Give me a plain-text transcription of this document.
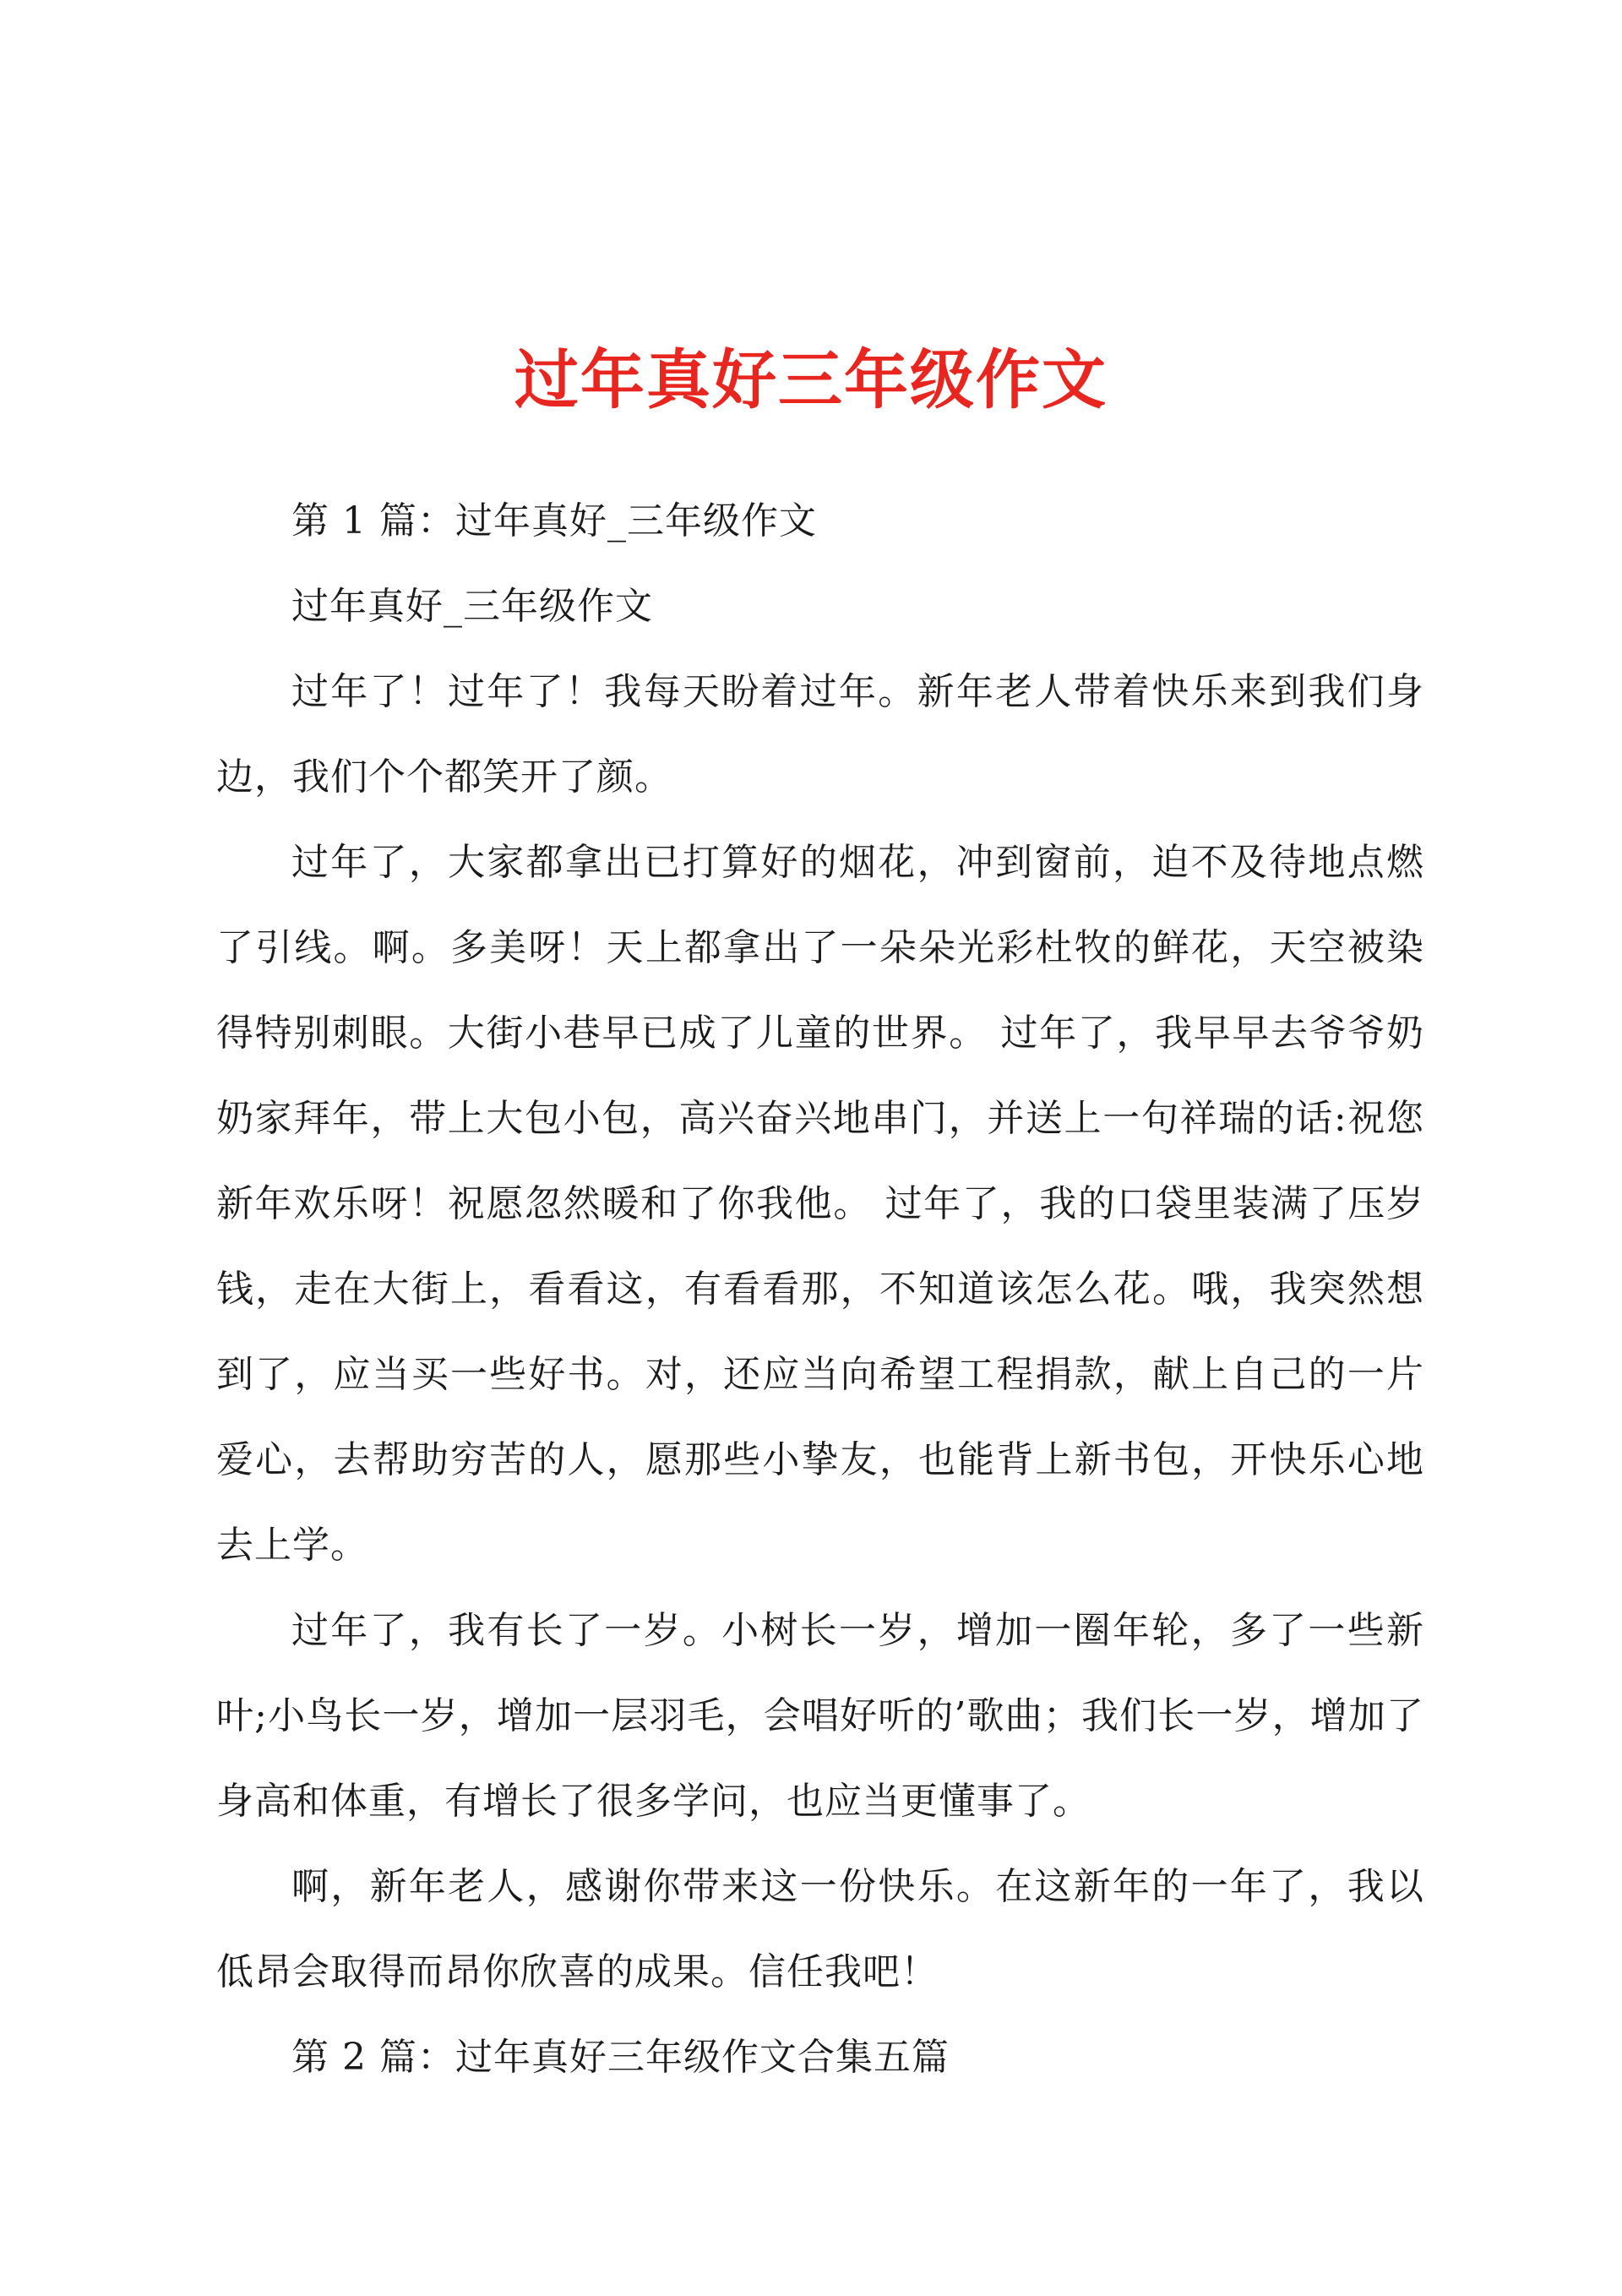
过年真好三年级作文

第 1 篇：过年真好_三年级作文

过年真好_三年级作文

过年了！过年了！我每天盼着过年。新年老人带着快乐来到我们身边，我们个个都笑开了颜。

过年了，大家都拿出已打算好的烟花，冲到窗前，迫不及待地点燃了引线。啊。多美呀！天上都拿出了一朵朵光彩杜牧的鲜花，天空被染得特别刺眼。大街小巷早已成了儿童的世界。 过年了，我早早去爷爷奶奶家拜年，带上大包小包，高兴奋兴地串门，并送上一句祥瑞的话:祝您新年欢乐呀！祝愿忽然暖和了你我他。 过年了，我的口袋里装满了压岁钱，走在大街上，看看这，有看看那，不知道该怎么花。哦，我突然想到了，应当买一些好书。对，还应当向希望工程捐款，献上自己的一片爱心，去帮助穷苦的人，愿那些小挚友，也能背上新书包，开快乐心地去上学。

过年了，我有长了一岁。小树长一岁，增加一圈年轮，多了一些新叶;小鸟长一岁，增加一层羽毛，会唱好听的’歌曲；我们长一岁，增加了身高和体重，有增长了很多学问，也应当更懂事了。

啊，新年老人，感谢你带来这一份快乐。在这新年的一年了，我以低昂会取得而昂你欣喜的成果。信任我吧！

第 2 篇：过年真好三年级作文合集五篇
